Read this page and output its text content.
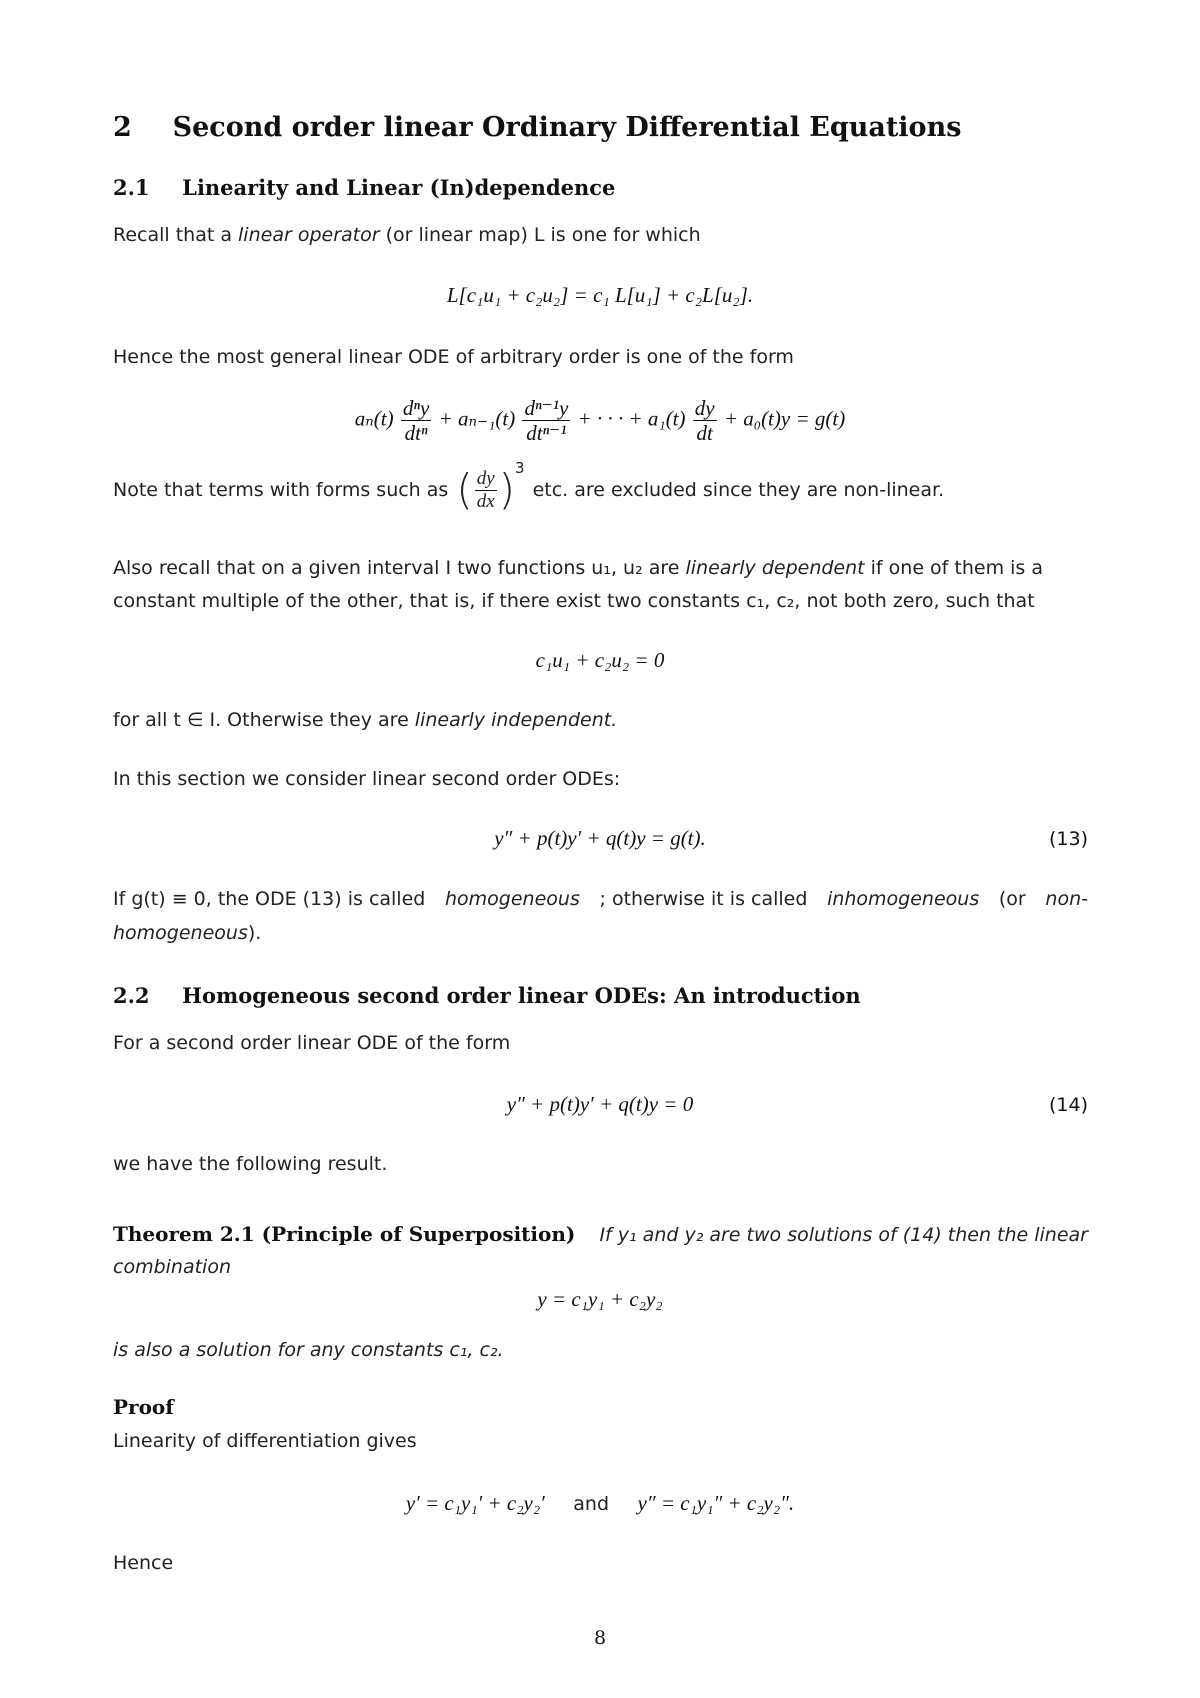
2 Second order linear Ordinary Differential Equations
2.1 Linearity and Linear (In)dependence
Recall that a linear operator (or linear map) L is one for which
L[c₁u₁ + c₂u₂] = c₁ L[u₁] + c₂L[u₂].
Hence the most general linear ODE of arbitrary order is one of the form
$a_n(t) \frac{\text{dⁿy}}{\text{dtⁿ}} + a_{n-1}(t) \frac{\text{dⁿ⁻¹y}}{\text{dtⁿ⁻¹}}$ + · · · + $a_1(t) \frac{dy}{dt} + a_0(t)y = g(t)$
Note that terms with forms such as ( $\frac{dy}{dx}$ ) 3
etc. are excluded since they are non-linear.
Also recall that on a given interval I two functions u₁, u₂ are linearly dependent if one of them is a
constant multiple of the other, that is, if there exist two constants c₁, c₂, not both zero, such that
c₁u₁ + c₂u₂ = 0
for all t ∈ I. Otherwise they are linearly independent.
In this section we consider linear second order ODEs:
y″ + p(t)y′ + q(t)y = g(t).	(13)
If g(t) ≡ 0, the ODE (13) is called homogeneous ; otherwise it is called inhomogeneous (or non-
homogeneous).
2.2 Homogeneous second order linear ODEs: An introduction
For a second order linear ODE of the form
y″ + p(t)y′ + q(t)y = 0	(14)
we have the following result.
Theorem 2.1 (Principle of Superposition) If y₁ and y₂ are two solutions of (14) then the linear
combination
y = c₁y₁ + c₂y₂
is also a solution for any constants c₁, c₂.
Proof
Linearity of differentiation gives
y′ = c₁y₁′ + c₂y₂′ and y″ = c₁y₁″ + c₂y₂″.
Hence
8
